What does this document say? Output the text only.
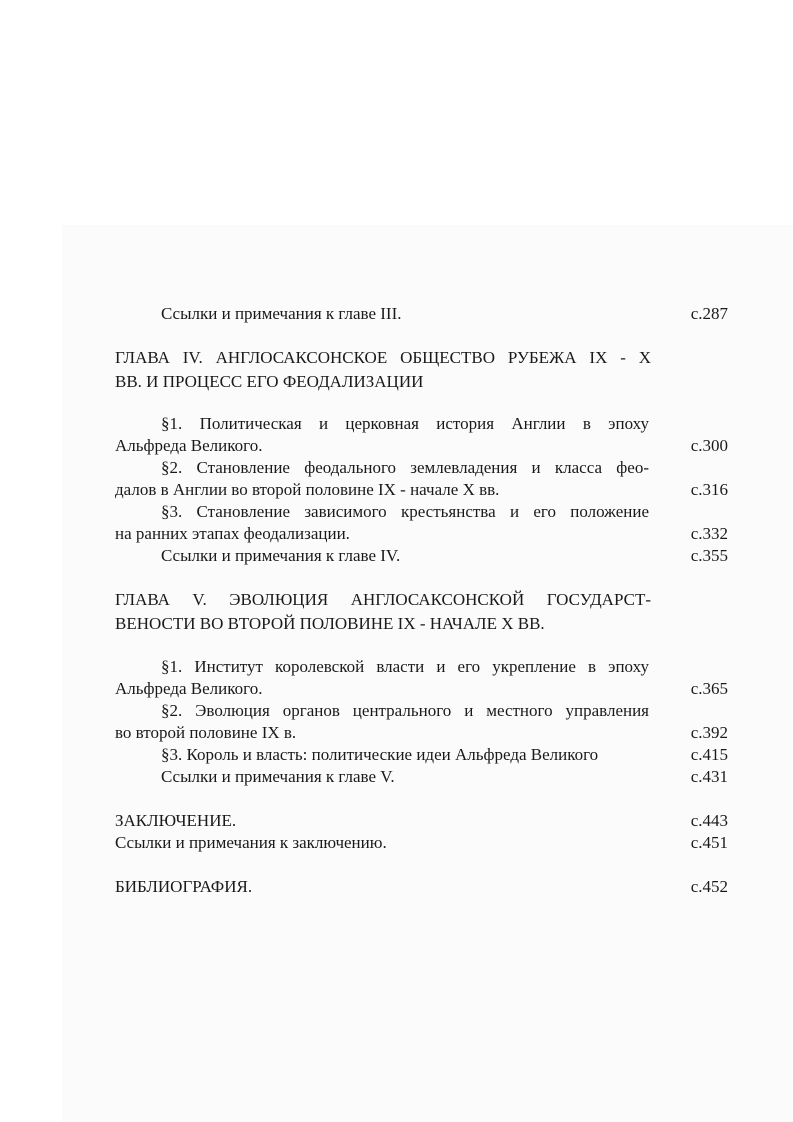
Ссылки и примечания к главе III.	с.287
ГЛАВА IV. АНГЛОСАКСОНСКОЕ ОБЩЕСТВО РУБЕЖА IX - X
ВВ. И ПРОЦЕСС ЕГО ФЕОДАЛИЗАЦИИ
§1. Политическая и церковная история Англии в эпоху
Альфреда Великого.	с.300
§2. Становление феодального землевладения и класса фео-
далов в Англии во второй половине IX - начале X вв.	с.316
§3. Становление зависимого крестьянства и его положение
на ранних этапах феодализации.	с.332
Ссылки и примечания к главе IV.	с.355
ГЛАВА V. ЭВОЛЮЦИЯ АНГЛОСАКСОНСКОЙ ГОСУДАРСТ-
ВЕНОСТИ ВО ВТОРОЙ ПОЛОВИНЕ IX - НАЧАЛЕ X ВВ.
§1. Институт королевской власти и его укрепление в эпоху
Альфреда Великого.	с.365
§2. Эволюция органов центрального и местного управления
во второй половине IX в.	с.392
§3. Король и власть: политические идеи Альфреда Великого	с.415
Ссылки и примечания к главе V.	с.431
ЗАКЛЮЧЕНИЕ.	с.443
Ссылки и примечания к заключению.	с.451
БИБЛИОГРАФИЯ.	с.452
